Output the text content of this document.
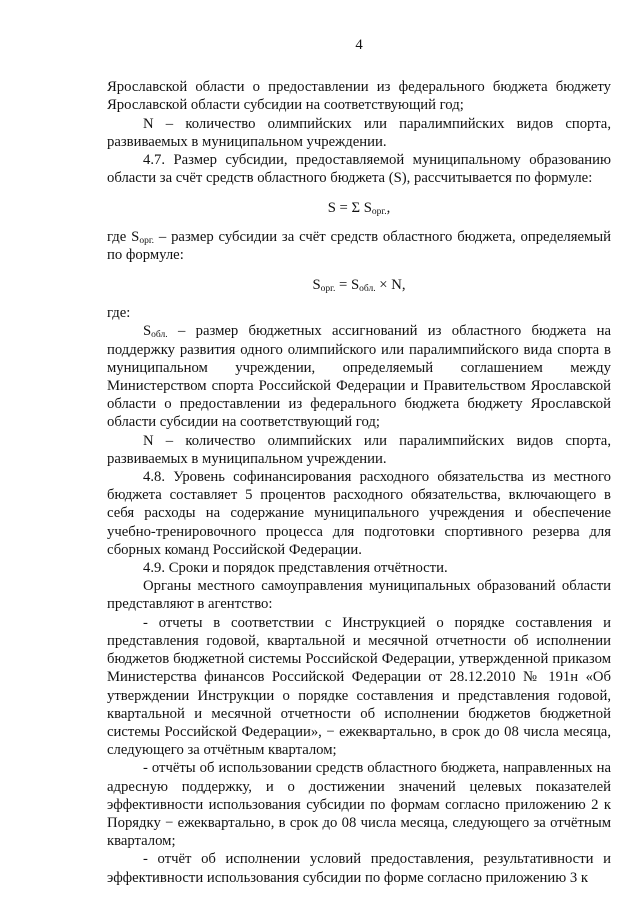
4

Ярославской области о предоставлении из федерального бюджета бюджету Ярославской области субсидии на соответствующий год;

N – количество олимпийских или паралимпийских видов спорта, развиваемых в муниципальном учреждении.

4.7. Размер субсидии, предоставляемой муниципальному образованию области за счёт средств областного бюджета (S), рассчитывается по формуле:

S = Σ $S_{орг.}$,

где $S_{орг.}$ – размер субсидии за счёт средств областного бюджета, определяемый по формуле:

$S_{орг.} = S_{обл.} \times N$,

где:

$S_{обл.}$ – размер бюджетных ассигнований из областного бюджета на поддержку развития одного олимпийского или паралимпийского вида спорта в муниципальном учреждении, определяемый соглашением между Министерством спорта Российской Федерации и Правительством Ярославской области о предоставлении из федерального бюджета бюджету Ярославской области субсидии на соответствующий год;

N – количество олимпийских или паралимпийских видов спорта, развиваемых в муниципальном учреждении.

4.8. Уровень софинансирования расходного обязательства из местного бюджета составляет 5 процентов расходного обязательства, включающего в себя расходы на содержание муниципального учреждения и обеспечение учебно-тренировочного процесса для подготовки спортивного резерва для сборных команд Российской Федерации.

4.9. Сроки и порядок представления отчётности.

Органы местного самоуправления муниципальных образований области представляют в агентство:

- отчеты в соответствии с Инструкцией о порядке составления и представления годовой, квартальной и месячной отчетности об исполнении бюджетов бюджетной системы Российской Федерации, утвержденной приказом Министерства финансов Российской Федерации от 28.12.2010 № 191н «Об утверждении Инструкции о порядке составления и представления годовой, квартальной и месячной отчетности об исполнении бюджетов бюджетной системы Российской Федерации», − ежеквартально, в срок до 08 числа месяца, следующего за отчётным кварталом;

- отчёты об использовании средств областного бюджета, направленных на адресную поддержку, и о достижении значений целевых показателей эффективности использования субсидии по формам согласно приложению 2 к Порядку − ежеквартально, в срок до 08 числа месяца, следующего за отчётным кварталом;

- отчёт об исполнении условий предоставления, результативности и эффективности использования субсидии по форме согласно приложению 3 к
